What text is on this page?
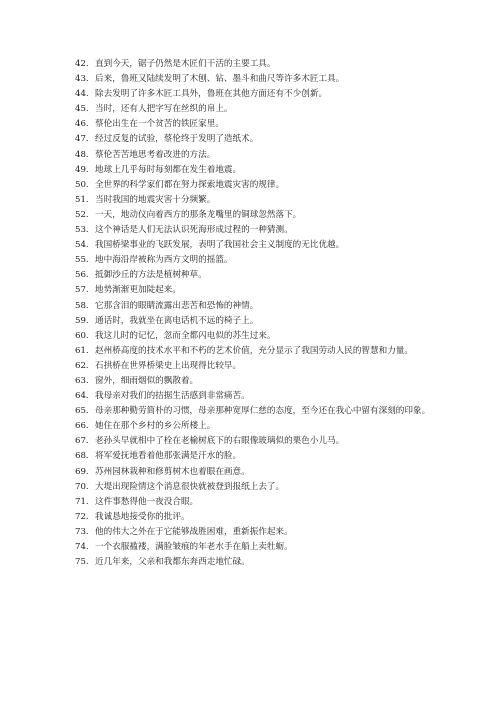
42. 直到今天，锯子仍然是木匠们干活的主要工具。
43. 后来，鲁班又陆续发明了木刨、钻、墨斗和曲尺等许多木匠工具。
44. 除去发明了许多木匠工具外，鲁班在其他方面还有不少创新。
45. 当时，还有人把字写在丝织的帛上。
46. 蔡伦出生在一个贫苦的铁匠家里。
47. 经过反复的试验，蔡伦终于发明了造纸术。
48. 蔡伦苦苦地思考着改进的方法。
49. 地球上几乎每时每刻都在发生着地震。
50. 全世界的科学家们都在努力探索地震灾害的规律。
51. 当时我国的地震灾害十分频繁。
52. 一天，地动仪向着西方的那条龙嘴里的铜球忽然落下。
53. 这个神话是人们无法认识死海形成过程的一种猜测。
54. 我国桥梁事业的飞跃发展，表明了我国社会主义制度的无比优越。
55. 地中海沿岸被称为西方文明的摇篮。
56. 抵御沙丘的方法是植树种草。
57. 地势渐渐更加陡起来。
58. 它那含泪的眼睛流露出悲苦和恐怖的神情。
59. 通话时，我就坐在离电话机不远的椅子上。
60. 我这儿时的记忆，忽而全都闪电似的苏生过来。
61. 赵州桥高度的技术水平和不朽的艺术价值，充分显示了我国劳动人民的智慧和力量。
62. 石拱桥在世界桥梁史上出现得比较早。
63. 窗外，细雨烟似的飘散着。
64. 我母亲对我们的拮据生活感到非常痛苦。
65. 母亲那种勤劳简朴的习惯，母亲那种宽厚仁慈的态度，至今还在我心中留有深刻的印象。
66. 她住在那个乡村的乡公所楼上。
67. 老孙头早就相中了栓在老榆树底下的右眼像玻璃似的栗色小儿马。
68. 将军爱抚地看着他那张满是汗水的脸。
69. 苏州园林栽种和修剪树木也着眼在画意。
70. 大堤出现险情这个消息很快就被登到报纸上去了。
71. 这件事愁得他一夜没合眼。
72. 我诚恳地接受你的批评。
73. 他的伟大之外在于它能够战胜困难，重新振作起来。
74. 一个衣服褴褛，满脸皱痕的年老水手在船上卖牡蛎。
75. 近几年来，父亲和我都东奔西走地忙碌。
